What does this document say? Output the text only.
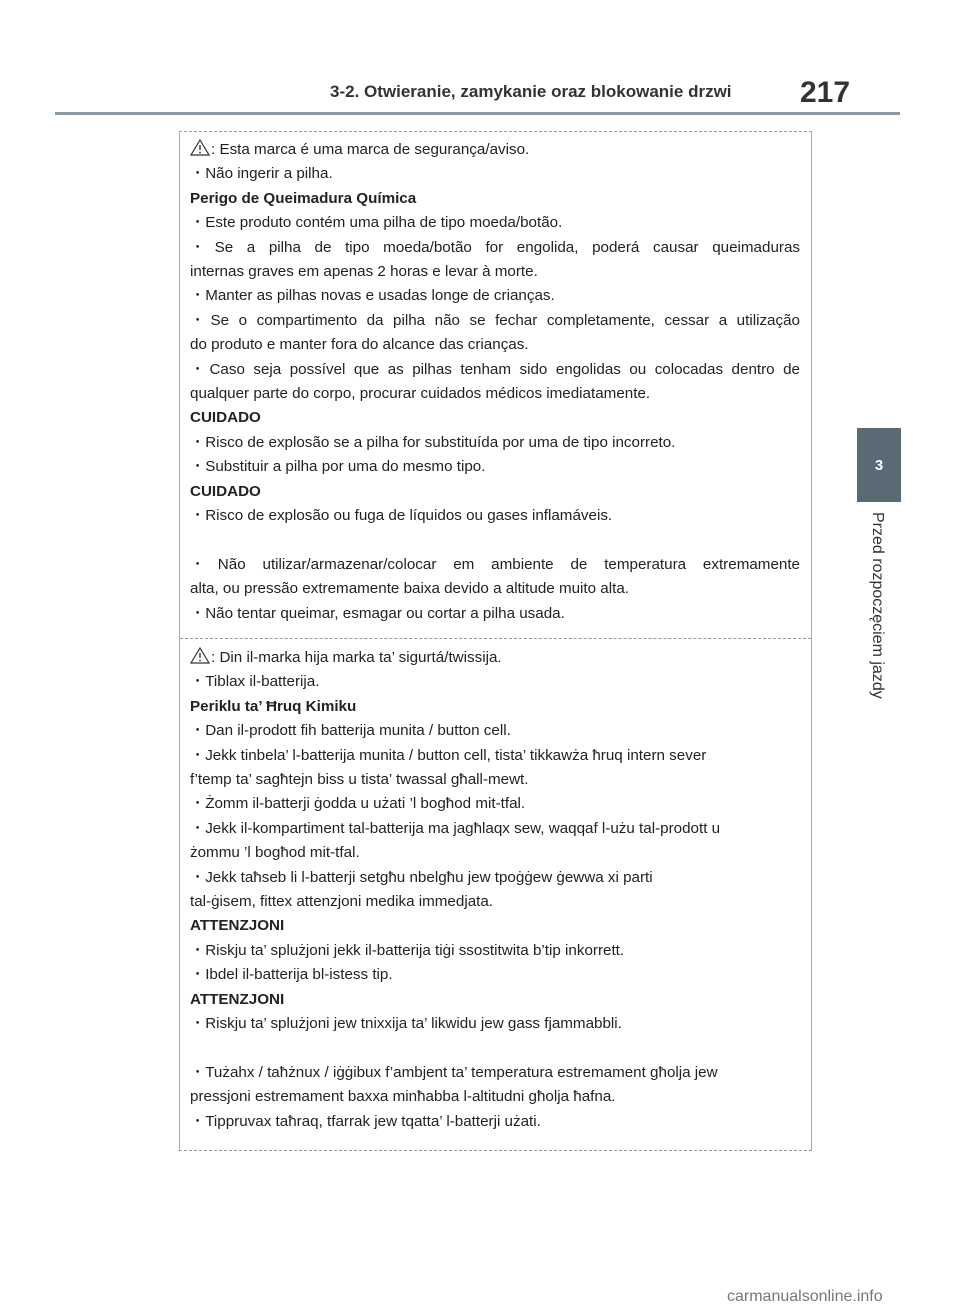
3-2. Otwieranie, zamykanie oraz blokowanie drzwi 217
3
Przed rozpoczęciem jazdy

: Esta marca é uma marca de segurança/aviso.

・Não ingerir a pilha.

Perigo de Queimadura Química

・Este produto contém uma pilha de tipo moeda/botão.

・Se a pilha de tipo moeda/botão for engolida, poderá causar queimaduras

internas graves em apenas 2 horas e levar à morte.

・Manter as pilhas novas e usadas longe de crianças.

・Se o compartimento da pilha não se fechar completamente, cessar a utilização

do produto e manter fora do alcance das crianças.

・Caso seja possível que as pilhas tenham sido engolidas ou colocadas dentro de

qualquer parte do corpo, procurar cuidados médicos imediatamente.

CUIDADO

・Risco de explosão se a pilha for substituída por uma de tipo incorreto.

・Substituir a pilha por uma do mesmo tipo.

CUIDADO

・Risco de explosão ou fuga de líquidos ou gases inflamáveis.

・Não utilizar/armazenar/colocar em ambiente de temperatura extremamente

alta, ou pressão extremamente baixa devido a altitude muito alta.

・Não tentar queimar, esmagar ou cortar a pilha usada.

: Din il-marka hija marka ta’ sigurtá/twissija.

・Tiblax il-batterija.

Periklu ta’ Ħruq Kimiku

・Dan il-prodott fih batterija munita / button cell.

・Jekk tinbela’ l-batterija munita / button cell, tista’ tikkawża ħruq intern sever

f’temp ta’ sagħtejn biss u tista’ twassal għall-mewt.

・Żomm il-batterji ġodda u użati ’l bogħod mit-tfal.

・Jekk il-kompartiment tal-batterija ma jagħlaqx sew, waqqaf l-użu tal-prodott u

żommu ’l bogħod mit-tfal.

・Jekk taħseb li l-batterji setgħu nbelgħu jew tpoġġew ġewwa xi parti

tal-ġisem, fittex attenzjoni medika immedjata.

ATTENZJONI

・Riskju ta’ splużjoni jekk il-batterija tiġi ssostitwita b’tip inkorrett.

・Ibdel il-batterija bl-istess tip.

ATTENZJONI

・Riskju ta’ splużjoni jew tnixxija ta’ likwidu jew gass fjammabbli.

・Tużahx / taħżnux / iġġibux f’ambjent ta’ temperatura estremament għolja jew

pressjoni estremament baxxa minħabba l-altitudni għolja ħafna.

・Tippruvax taħraq, tfarrak jew tqatta’ l-batterji użati.

carmanualsonline.info
